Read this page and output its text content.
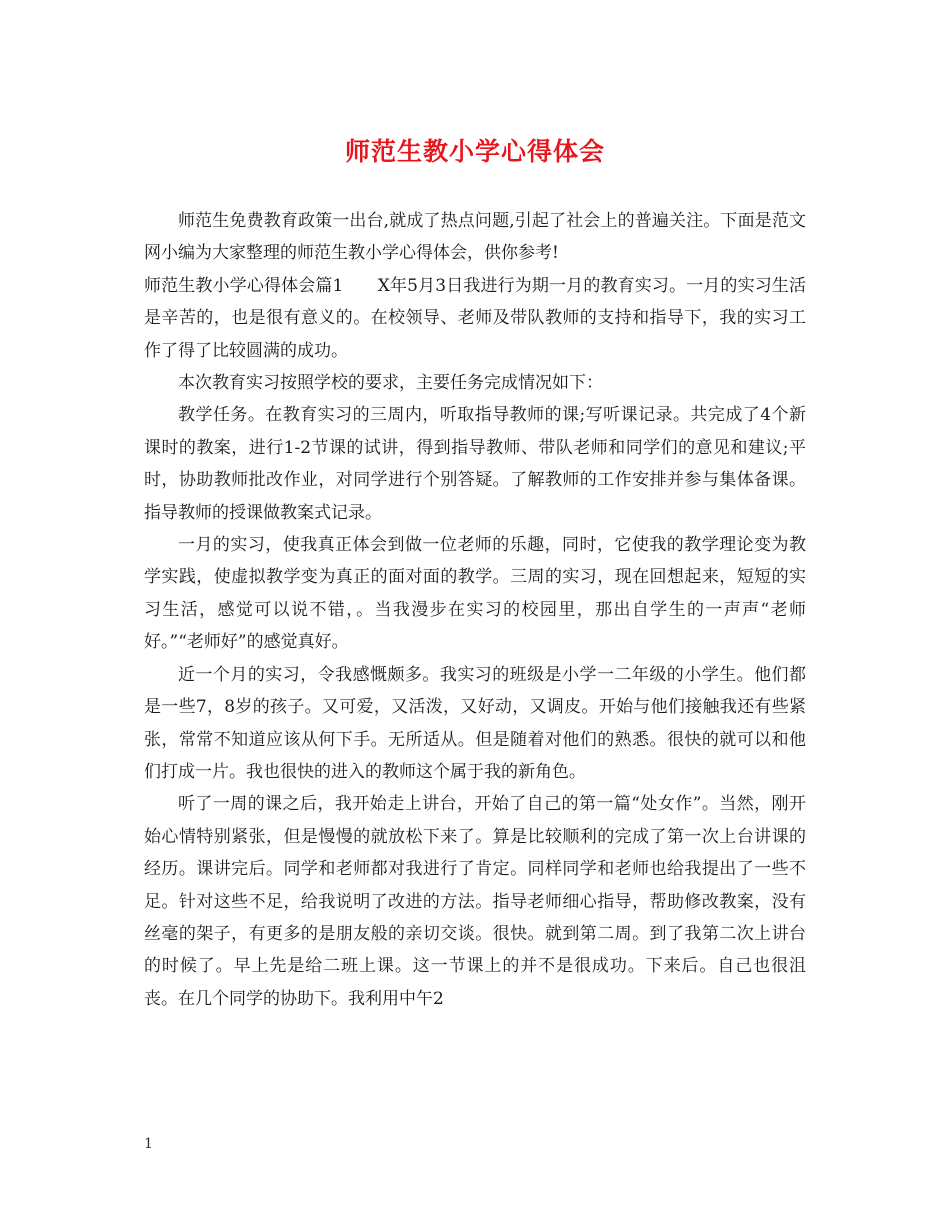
师范生教小学心得体会

师范生免费教育政策一出台,就成了热点问题,引起了社会上的普遍关注。下面是范文网小编为大家整理的师范生教小学心得体会，供你参考!

师范生教小学心得体会篇1　　X年5月3日我进行为期一月的教育实习。一月的实习生活是辛苦的，也是很有意义的。在校领导、老师及带队教师的支持和指导下，我的实习工作了得了比较圆满的成功。

本次教育实习按照学校的要求，主要任务完成情况如下：

教学任务。在教育实习的三周内，听取指导教师的课;写听课记录。共完成了4个新课时的教案，进行1-2节课的试讲，得到指导教师、带队老师和同学们的意见和建议;平时，协助教师批改作业，对同学进行个别答疑。了解教师的工作安排并参与集体备课。指导教师的授课做教案式记录。

一月的实习，使我真正体会到做一位老师的乐趣，同时，它使我的教学理论变为教学实践，使虚拟教学变为真正的面对面的教学。三周的实习，现在回想起来，短短的实习生活，感觉可以说不错，。当我漫步在实习的校园里，那出自学生的一声声“老师好。”“老师好”的感觉真好。

近一个月的实习，令我感慨颇多。我实习的班级是小学一二年级的小学生。他们都是一些7，8岁的孩子。又可爱，又活泼，又好动，又调皮。开始与他们接触我还有些紧张，常常不知道应该从何下手。无所适从。但是随着对他们的熟悉。很快的就可以和他们打成一片。我也很快的进入的教师这个属于我的新角色。

听了一周的课之后，我开始走上讲台，开始了自己的第一篇“处女作”。当然，刚开始心情特别紧张，但是慢慢的就放松下来了。算是比较顺利的完成了第一次上台讲课的经历。课讲完后。同学和老师都对我进行了肯定。同样同学和老师也给我提出了一些不足。针对这些不足，给我说明了改进的方法。指导老师细心指导，帮助修改教案，没有丝毫的架子，有更多的是朋友般的亲切交谈。很快。就到第二周。到了我第二次上讲台的时候了。早上先是给二班上课。这一节课上的并不是很成功。下来后。自己也很沮丧。在几个同学的协助下。我利用中午2

1
